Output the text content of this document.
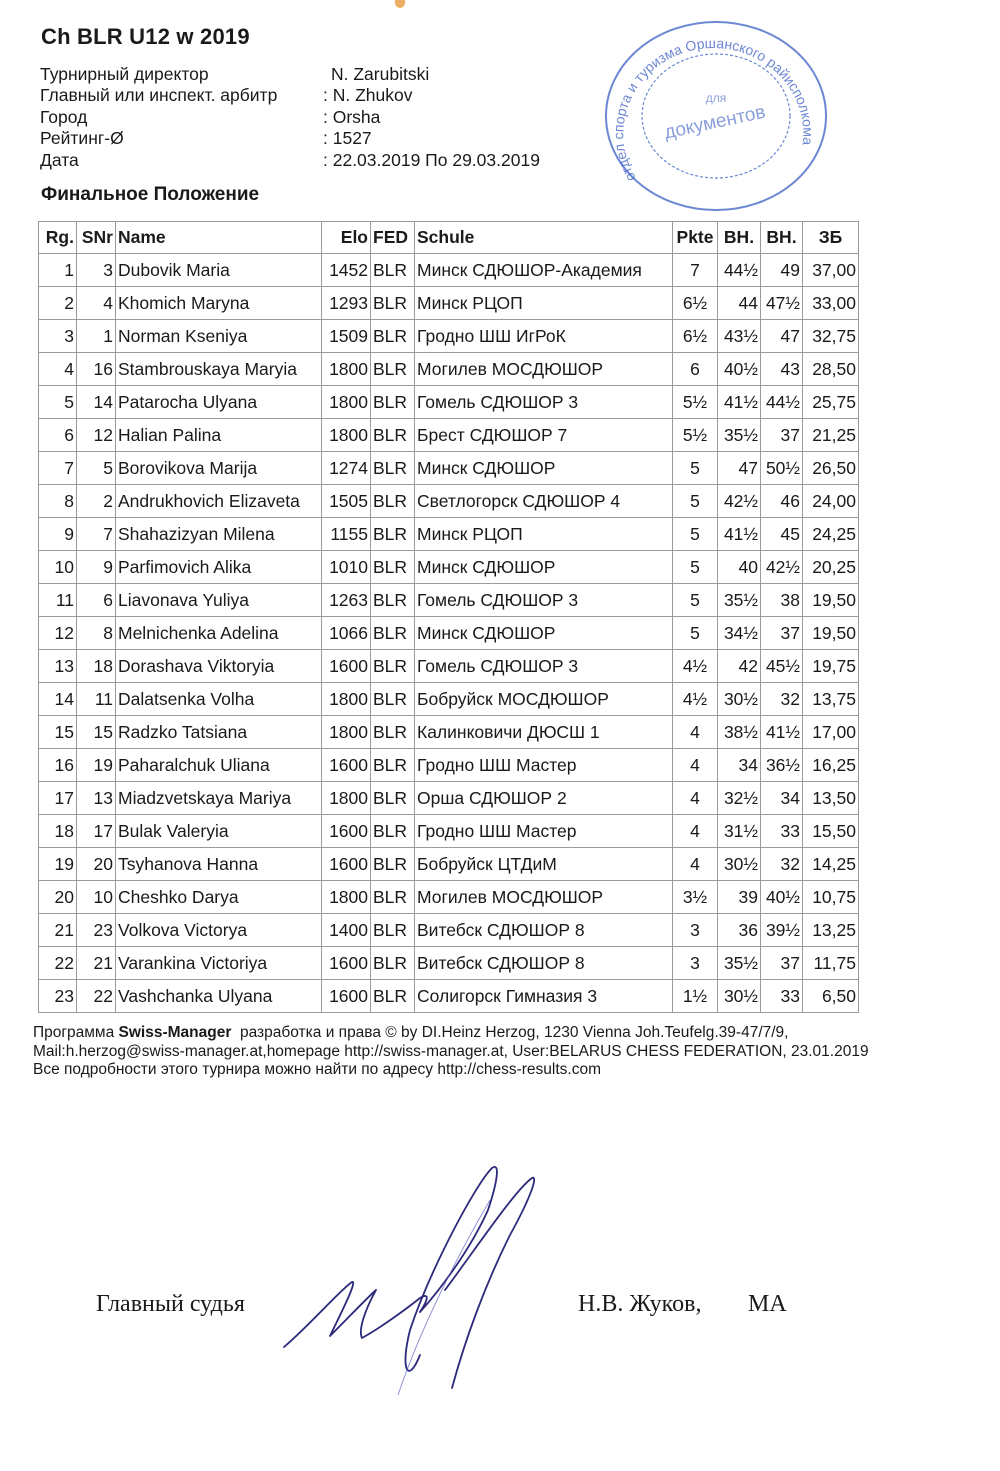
Ch BLR U12 w 2019
Турнирный директор	N. Zarubitski
Главный или инспект. арбитр	: N. Zhukov
Город	: Orsha
Рейтинг-Ø	: 1527
Дата	: 22.03.2019 По 29.03.2019
Финальное Положение
Rg.	SNr	Name	Elo	FED	Schule	Pkte	BH.	BH.	ЗБ
1	3	Dubovik Maria	1452	BLR	Минск СДЮШОР-Академия	7	44½	49	37,00
2	4	Khomich Maryna	1293	BLR	Минск РЦОП	6½	44	47½	33,00
3	1	Norman Kseniya	1509	BLR	Гродно ШШ ИгРоК	6½	43½	47	32,75
4	16	Stambrouskaya Maryia	1800	BLR	Могилев МОСДЮШОР	6	40½	43	28,50
5	14	Patarocha Ulyana	1800	BLR	Гомель СДЮШОР 3	5½	41½	44½	25,75
6	12	Halian Palina	1800	BLR	Брест СДЮШОР 7	5½	35½	37	21,25
7	5	Borovikova Marija	1274	BLR	Минск СДЮШОР	5	47	50½	26,50
8	2	Andrukhovich Elizaveta	1505	BLR	Светлогорск СДЮШОР 4	5	42½	46	24,00
9	7	Shahazizyan Milena	1155	BLR	Минск РЦОП	5	41½	45	24,25
10	9	Parfimovich Alika	1010	BLR	Минск СДЮШОР	5	40	42½	20,25
11	6	Liavonava Yuliya	1263	BLR	Гомель СДЮШОР 3	5	35½	38	19,50
12	8	Melnichenka Adelina	1066	BLR	Минск СДЮШОР	5	34½	37	19,50
13	18	Dorashava Viktoryia	1600	BLR	Гомель СДЮШОР 3	4½	42	45½	19,75
14	11	Dalatsenka Volha	1800	BLR	Бобруйск МОСДЮШОР	4½	30½	32	13,75
15	15	Radzko Tatsiana	1800	BLR	Калинковичи ДЮСШ 1	4	38½	41½	17,00
16	19	Paharalchuk Uliana	1600	BLR	Гродно ШШ Мастер	4	34	36½	16,25
17	13	Miadzvetskaya Mariya	1800	BLR	Орша СДЮШОР 2	4	32½	34	13,50
18	17	Bulak Valeryia	1600	BLR	Гродно ШШ Мастер	4	31½	33	15,50
19	20	Tsyhanova Hanna	1600	BLR	Бобруйск ЦТДиМ	4	30½	32	14,25
20	10	Cheshko Darya	1800	BLR	Могилев МОСДЮШОР	3½	39	40½	10,75
21	23	Volkova Victorya	1400	BLR	Витебск СДЮШОР 8	3	36	39½	13,25
22	21	Varankina Victoriya	1600	BLR	Витебск СДЮШОР 8	3	35½	37	11,75
23	22	Vashchanka Ulyana	1600	BLR	Солигорск Гимназия 3	1½	30½	33	6,50
Программа Swiss-Manager  разработка и права © by DI.Heinz Herzog, 1230 Vienna Joh.Teufelg.39-47/7/9,
Mail:h.herzog@swiss-manager.at,homepage http://swiss-manager.at, User:BELARUS CHESS FEDERATION, 23.01.2019
Все подробности этого турнира можно найти по адресу http://chess-results.com
отдел спорта и туризма Оршанского райисполкома
для
документов
Главный судья	Н.В. Жуков, МА
